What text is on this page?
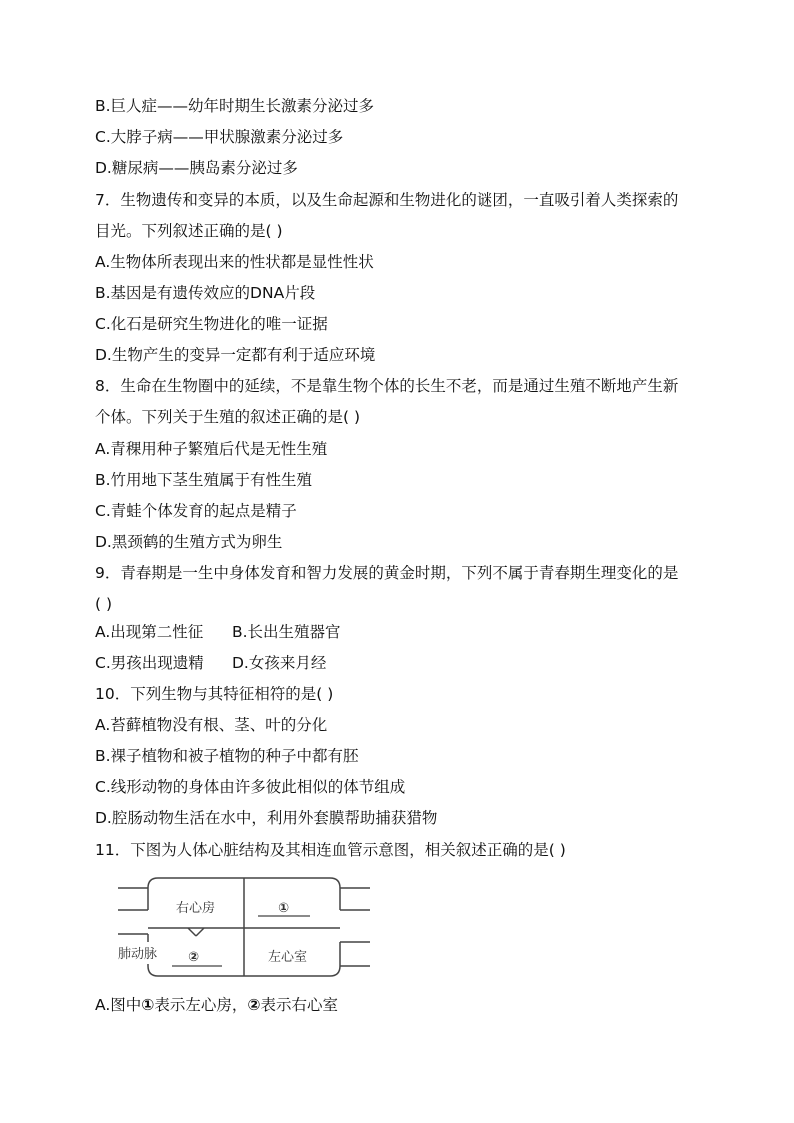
B.巨人症——幼年时期生长激素分泌过多
C.大脖子病——甲状腺激素分泌过多
D.糖尿病——胰岛素分泌过多
7．生物遗传和变异的本质，以及生命起源和生物进化的谜团，一直吸引着人类探索的
目光。下列叙述正确的是( )
A.生物体所表现出来的性状都是显性性状
B.基因是有遗传效应的DNA片段
C.化石是研究生物进化的唯一证据
D.生物产生的变异一定都有利于适应环境
8．生命在生物圈中的延续，不是靠生物个体的长生不老，而是通过生殖不断地产生新
个体。下列关于生殖的叙述正确的是( )
A.青稞用种子繁殖后代是无性生殖
B.竹用地下茎生殖属于有性生殖
C.青蛙个体发育的起点是精子
D.黑颈鹤的生殖方式为卵生
9．青春期是一生中身体发育和智力发展的黄金时期，下列不属于青春期生理变化的是
( )
A.出现第二性征 B.长出生殖器官
C.男孩出现遗精 D.女孩来月经
10．下列生物与其特征相符的是( )
A.苔藓植物没有根、茎、叶的分化
B.裸子植物和被子植物的种子中都有胚
C.线形动物的身体由许多彼此相似的体节组成
D.腔肠动物生活在水中，利用外套膜帮助捕获猎物
11．下图为人体心脏结构及其相连血管示意图，相关叙述正确的是( )
右心房	①
②	左心室
肺动脉
A.图中①表示左心房，②表示右心室
